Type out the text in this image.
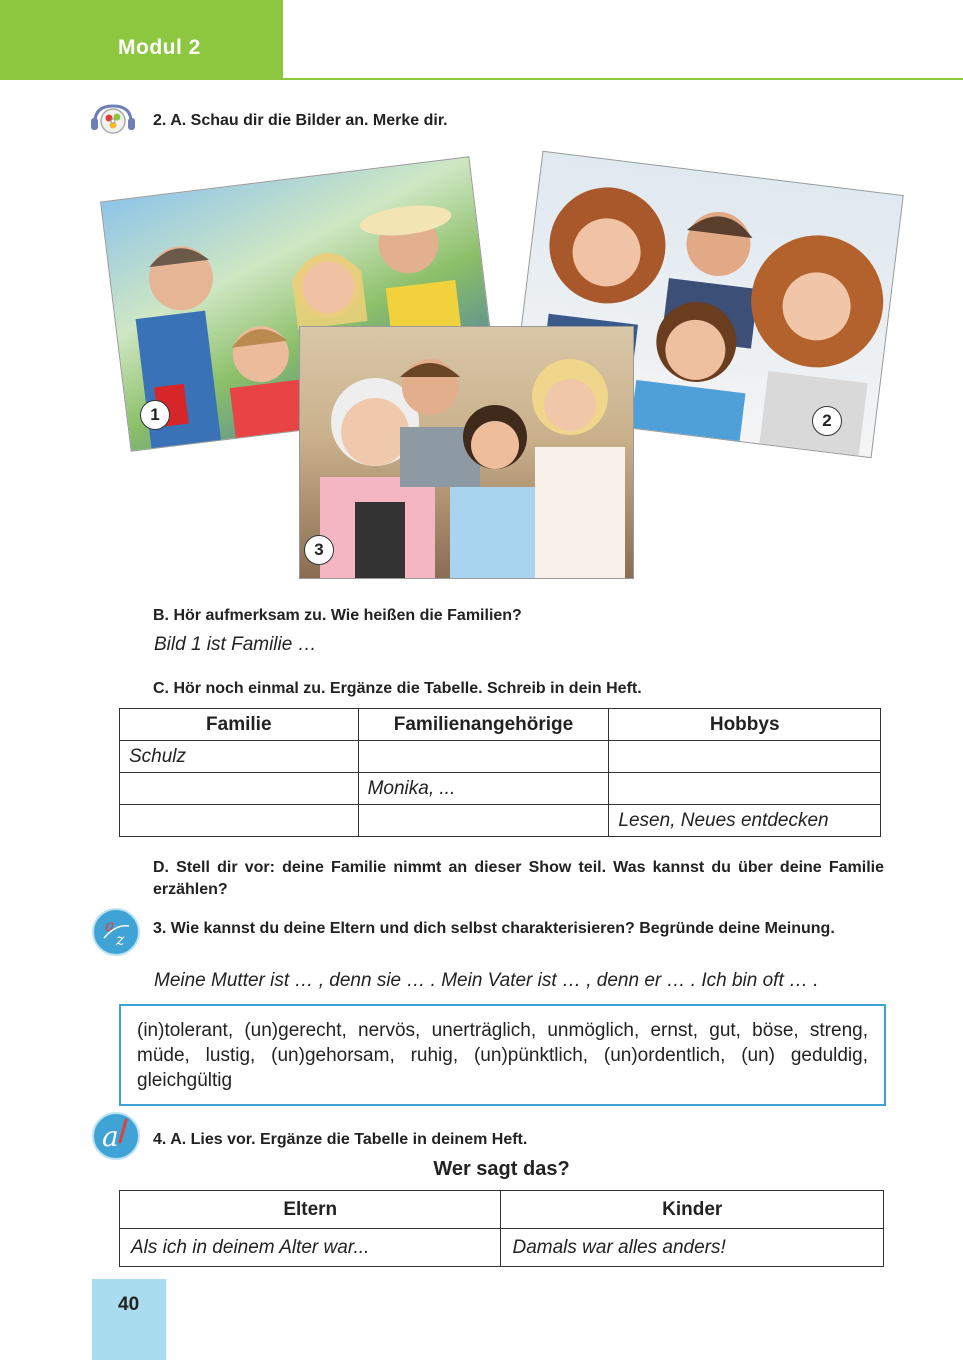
Modul 2
2. A. Schau dir die Bilder an. Merke dir.
1	2
3
B. Hör aufmerksam zu. Wie heißen die Familien?
Bild 1 ist Familie …
C. Hör noch einmal zu. Ergänze die Tabelle. Schreib in dein Heft.
Familie	Familienangehörige	Hobbys
Schulz		
	Monika, ...	
		Lesen, Neues entdecken
D. Stell dir vor: deine Familie nimmt an dieser Show teil. Was kannst du über deine Familie erzählen?
a
z
3. Wie kannst du deine Eltern und dich selbst charakterisieren? Begründe deine Meinung.
Meine Mutter ist … , denn sie … . Mein Vater ist … , denn er … . Ich bin oft … .
(in)tolerant, (un)gerecht, nervös, unerträglich, unmöglich, ernst, gut, böse, streng, müde, lustig, (un)gehorsam, ruhig, (un)pünktlich, (un)ordentlich, (un) geduldig, gleichgültig
a 4. A. Lies vor. Ergänze die Tabelle in deinem Heft.
Wer sagt das?
Eltern	Kinder
Als ich in deinem Alter war...	Damals war alles anders!
40
